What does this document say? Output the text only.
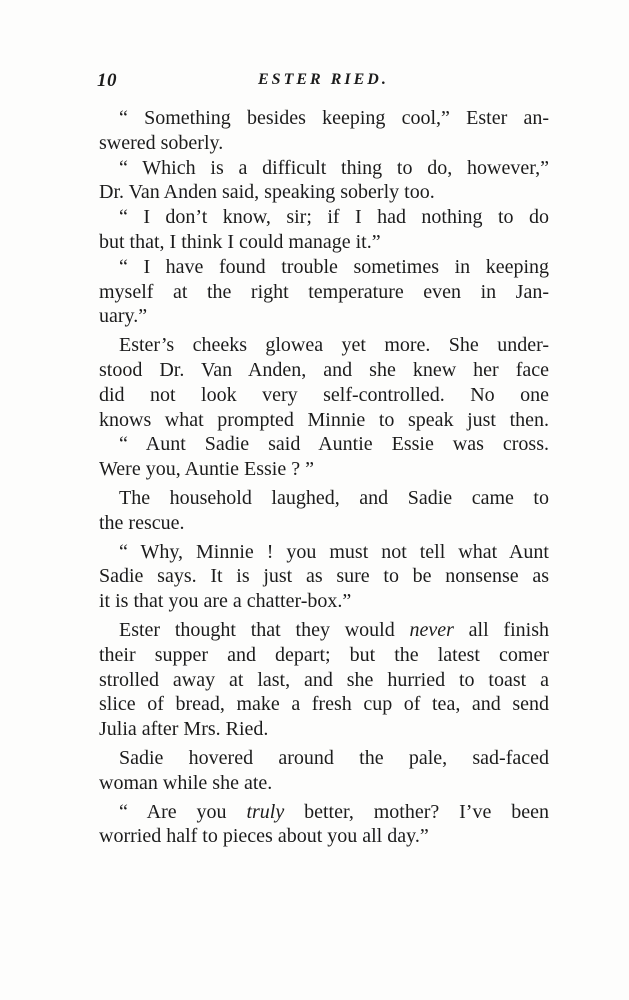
10	ESTER RIED.
“ Something besides keeping cool,” Ester an-
swered soberly.
“ Which is a difficult thing to do, however,”
Dr. Van Anden said, speaking soberly too.
“ I don’t know, sir; if I had nothing to do
but that, I think I could manage it.”
“ I have found trouble sometimes in keeping
myself at the right temperature even in Jan-
uary.”
Ester’s cheeks glowea yet more. She under-
stood Dr. Van Anden, and she knew her face
did not look very self-controlled. No one
knows what prompted Minnie to speak just then.
“ Aunt Sadie said Auntie Essie was cross.
Were you, Auntie Essie ? ”
The household laughed, and Sadie came to
the rescue.
“ Why, Minnie ! you must not tell what Aunt
Sadie says. It is just as sure to be nonsense as
it is that you are a chatter-box.”
Ester thought that they would never all finish
their supper and depart; but the latest comer
strolled away at last, and she hurried to toast a
slice of bread, make a fresh cup of tea, and send
Julia after Mrs. Ried.
Sadie hovered around the pale, sad-faced
woman while she ate.
“ Are you truly better, mother? I’ve been
worried half to pieces about you all day.”
